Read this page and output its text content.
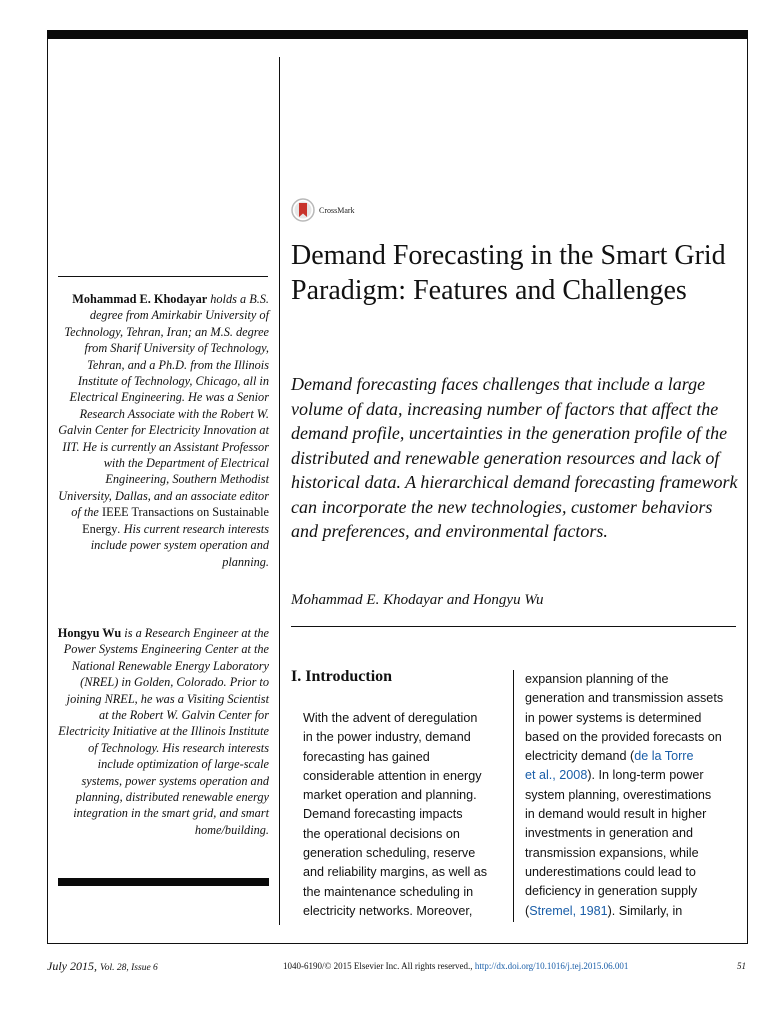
Mohammad E. Khodayar holds a B.S. degree from Amirkabir University of Technology, Tehran, Iran; an M.S. degree from Sharif University of Technology, Tehran, and a Ph.D. from the Illinois Institute of Technology, Chicago, all in Electrical Engineering. He was a Senior Research Associate with the Robert W. Galvin Center for Electricity Innovation at IIT. He is currently an Assistant Professor with the Department of Electrical Engineering, Southern Methodist University, Dallas, and an associate editor of the IEEE Transactions on Sustainable Energy. His current research interests include power system operation and planning.

Hongyu Wu is a Research Engineer at the Power Systems Engineering Center at the National Renewable Energy Laboratory (NREL) in Golden, Colorado. Prior to joining NREL, he was a Visiting Scientist at the Robert W. Galvin Center for Electricity Initiative at the Illinois Institute of Technology. His research interests include optimization of large-scale systems, power systems operation and planning, distributed renewable energy integration in the smart grid, and smart home/building.

CrossMark
Demand Forecasting in the Smart Grid Paradigm: Features and Challenges

Demand forecasting faces challenges that include a large volume of data, increasing number of factors that affect the demand profile, uncertainties in the generation profile of the distributed and renewable generation resources and lack of historical data. A hierarchical demand forecasting framework can incorporate the new technologies, customer behaviors and preferences, and environmental factors.

Mohammad E. Khodayar and Hongyu Wu

I. Introduction

With the advent of deregulation
in the power industry, demand
forecasting has gained
considerable attention in energy
market operation and planning.
Demand forecasting impacts
the operational decisions on
generation scheduling, reserve
and reliability margins, as well as
the maintenance scheduling in
electricity networks. Moreover,

expansion planning of the
generation and transmission assets
in power systems is determined
based on the provided forecasts on
electricity demand (de la Torre
et al., 2008). In long-term power
system planning, overestimations
in demand would result in higher
investments in generation and
transmission expansions, while
underestimations could lead to
deficiency in generation supply
(Stremel, 1981). Similarly, in

July 2015, Vol. 28, Issue 6	1040-6190/© 2015 Elsevier Inc. All rights reserved., http://dx.doi.org/10.1016/j.tej.2015.06.001	51
